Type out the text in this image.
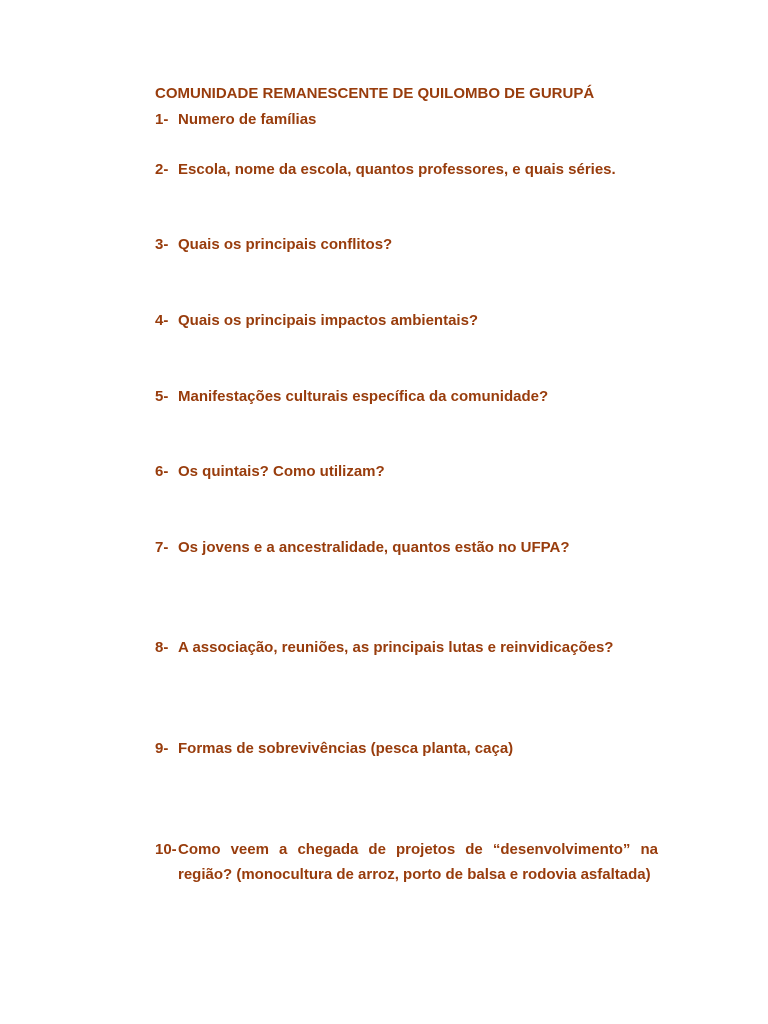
COMUNIDADE REMANESCENTE DE QUILOMBO DE GURUPÁ
1- Numero de famílias
2- Escola, nome da escola, quantos professores, e quais séries.
3- Quais os principais conflitos?
4- Quais os principais impactos ambientais?
5- Manifestações culturais específica da comunidade?
6- Os quintais? Como utilizam?
7- Os jovens e a ancestralidade, quantos estão no UFPA?
8- A associação, reuniões, as principais lutas e reinvidicações?
9- Formas de sobrevivências (pesca planta, caça)
10- Como veem a chegada de projetos de “desenvolvimento” na região? (monocultura de arroz, porto de balsa e rodovia asfaltada)
